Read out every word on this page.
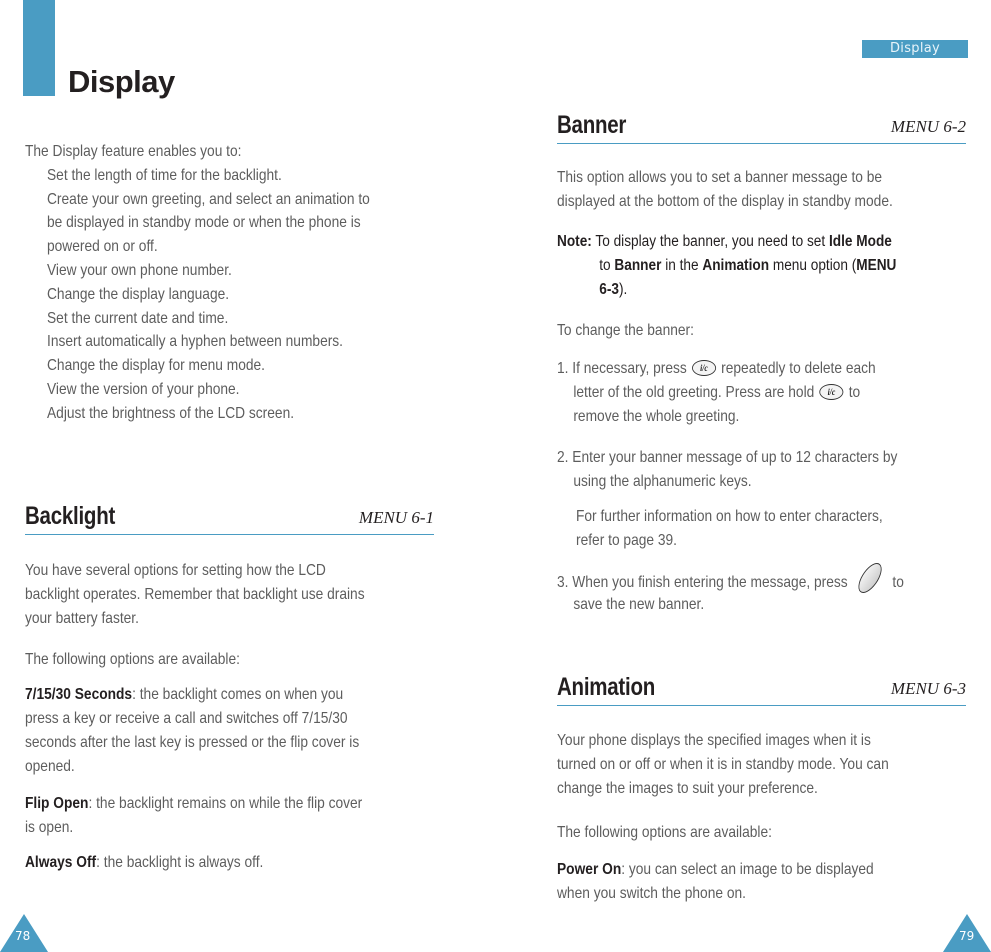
Display
The Display feature enables you to:
Set the length of time for the backlight.
Create your own greeting, and select an animation to
be displayed in standby mode or when the phone is
powered on or off.
View your own phone number.
Change the display language.
Set the current date and time.
Insert automatically a hyphen between numbers.
Change the display for menu mode.
View the version of your phone.
Adjust the brightness of the LCD screen.
Backlight	MENU 6-1
You have several options for setting how the LCD
backlight operates. Remember that backlight use drains
your battery faster.
The following options are available:
7/15/30 Seconds: the backlight comes on when you
press a key or receive a call and switches off 7/15/30
seconds after the last key is pressed or the flip cover is
opened.
Flip Open: the backlight remains on while the flip cover
is open.
Always Off: the backlight is always off.
78
Display
Banner	MENU 6-2
This option allows you to set a banner message to be
displayed at the bottom of the display in standby mode.
Note: To display the banner, you need to set Idle Mode
to Banner in the Animation menu option (MENU
6-3).
To change the banner:
1. If necessary, press i/c repeatedly to delete each
letter of the old greeting. Press are hold i/c to
remove the whole greeting.
2. Enter your banner message of up to 12 characters by
using the alphanumeric keys.
For further information on how to enter characters,
refer to page 39.
3. When you finish entering the message, press	to
save the new banner.
Animation	MENU 6-3
Your phone displays the specified images when it is
turned on or off or when it is in standby mode. You can
change the images to suit your preference.
The following options are available:
Power On: you can select an image to be displayed
when you switch the phone on.
79
